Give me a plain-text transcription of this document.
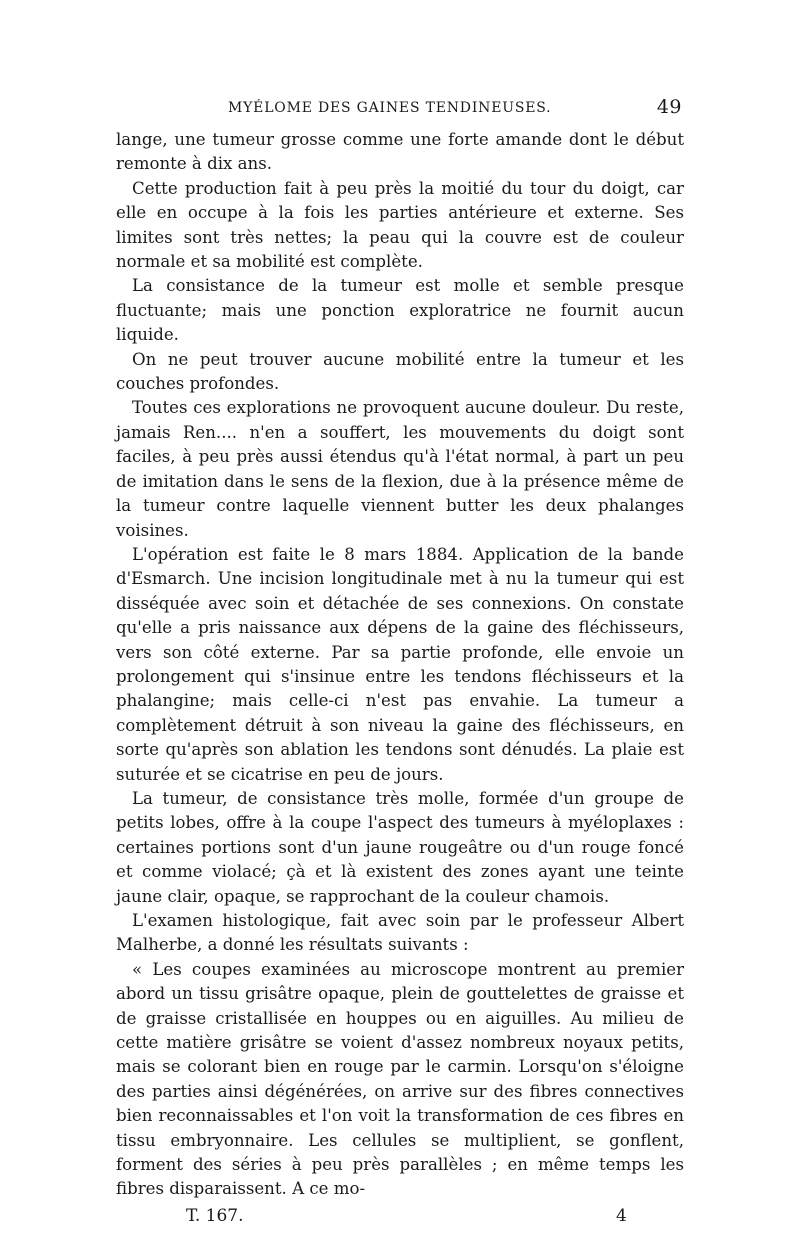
MYÉLOME DES GAINES TENDINEUSES.	49

lange, une tumeur grosse comme une forte amande dont le début remonte à dix ans.

Cette production fait à peu près la moitié du tour du doigt, car elle en occupe à la fois les parties antérieure et externe. Ses limites sont très nettes; la peau qui la couvre est de couleur normale et sa mobilité est complète.

La consistance de la tumeur est molle et semble presque fluctuante; mais une ponction exploratrice ne fournit aucun liquide.

On ne peut trouver aucune mobilité entre la tumeur et les couches profondes.

Toutes ces explorations ne provoquent aucune douleur. Du reste, jamais Ren.... n'en a souffert, les mouvements du doigt sont faciles, à peu près aussi étendus qu'à l'état normal, à part un peu de imitation dans le sens de la flexion, due à la présence même de la tumeur contre laquelle viennent butter les deux phalanges voisines.

L'opération est faite le 8 mars 1884. Application de la bande d'Esmarch. Une incision longitudinale met à nu la tumeur qui est disséquée avec soin et détachée de ses connexions. On constate qu'elle a pris naissance aux dépens de la gaine des fléchisseurs, vers son côté externe. Par sa partie profonde, elle envoie un prolongement qui s'insinue entre les tendons fléchisseurs et la phalangine; mais celle-ci n'est pas envahie. La tumeur a complètement détruit à son niveau la gaine des fléchisseurs, en sorte qu'après son ablation les tendons sont dénudés. La plaie est suturée et se cicatrise en peu de jours.

La tumeur, de consistance très molle, formée d'un groupe de petits lobes, offre à la coupe l'aspect des tumeurs à myéloplaxes : certaines portions sont d'un jaune rougeâtre ou d'un rouge foncé et comme violacé; çà et là existent des zones ayant une teinte jaune clair, opaque, se rapprochant de la couleur chamois.

L'examen histologique, fait avec soin par le professeur Albert Malherbe, a donné les résultats suivants :

« Les coupes examinées au microscope montrent au premier abord un tissu grisâtre opaque, plein de gouttelettes de graisse et de graisse cristallisée en houppes ou en aiguilles. Au milieu de cette matière grisâtre se voient d'assez nombreux noyaux petits, mais se colorant bien en rouge par le carmin. Lorsqu'on s'éloigne des parties ainsi dégénérées, on arrive sur des fibres connectives bien reconnaissables et l'on voit la transformation de ces fibres en tissu embryonnaire. Les cellules se multiplient, se gonflent, forment des séries à peu près parallèles ; en même temps les fibres disparaissent. A ce mo-

T. 167.	4
